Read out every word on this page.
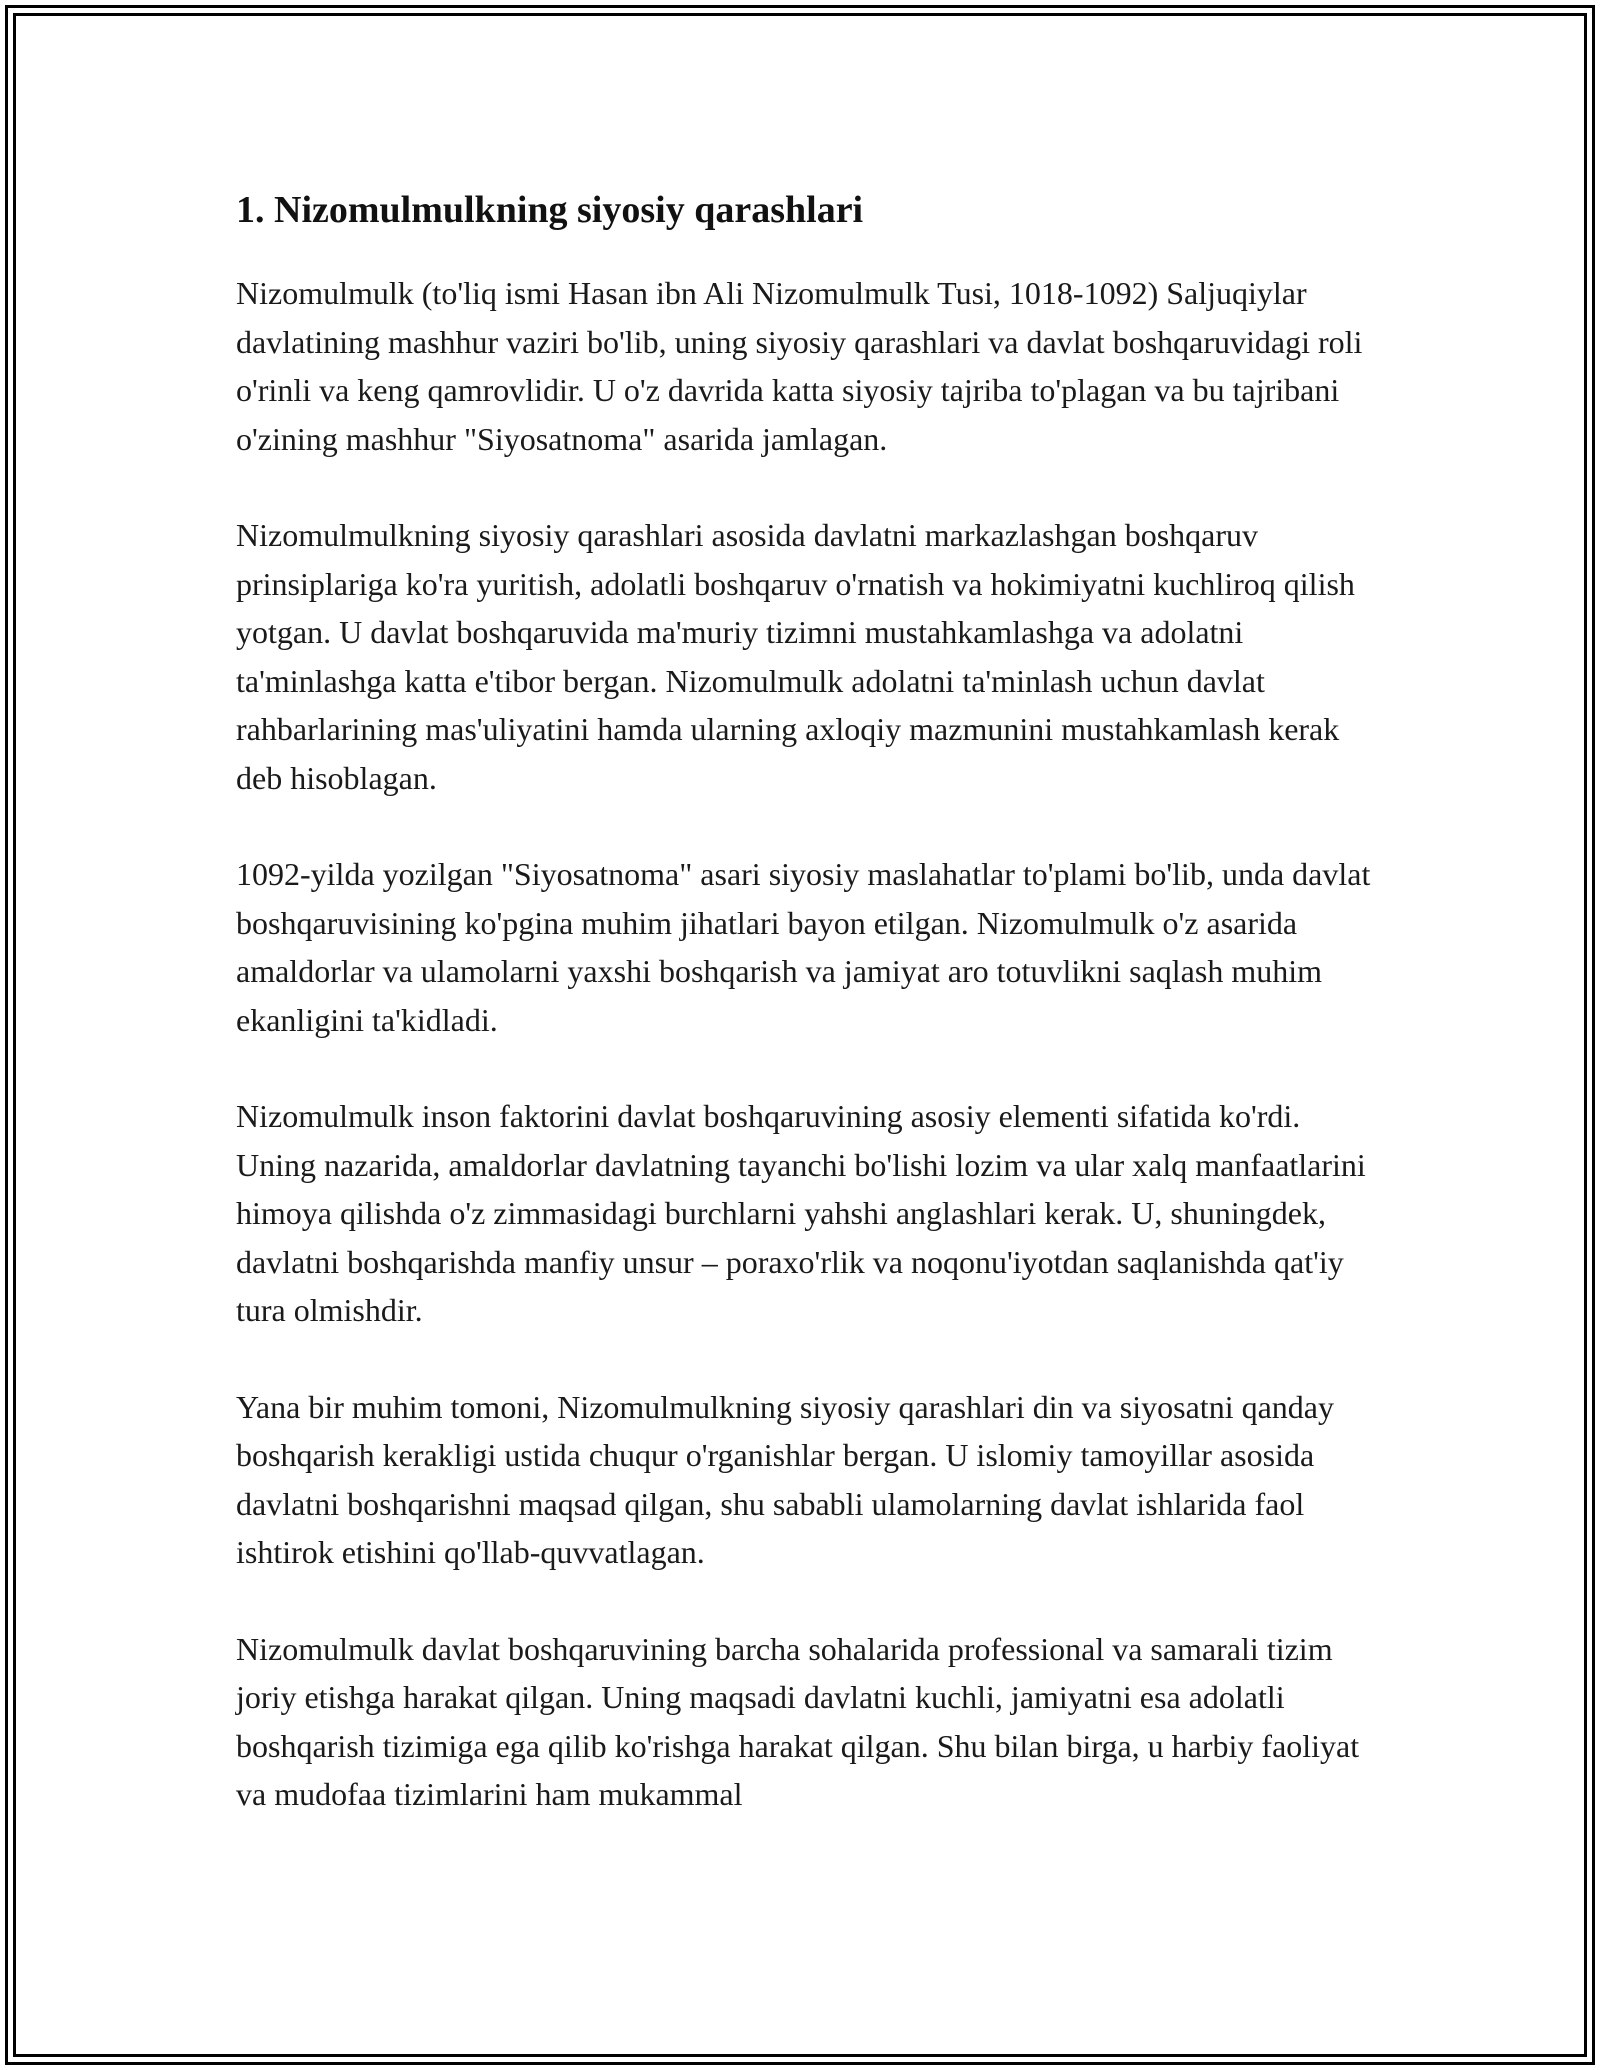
1. Nizomulmulkning siyosiy qarashlari

Nizomulmulk (to'liq ismi Hasan ibn Ali Nizomulmulk Tusi, 1018-1092) Saljuqiylar davlatining mashhur vaziri bo'lib, uning siyosiy qarashlari va davlat boshqaruvidagi roli o'rinli va keng qamrovlidir. U o'z davrida katta siyosiy tajriba to'plagan va bu tajribani o'zining mashhur "Siyosatnoma" asarida jamlagan.

Nizomulmulkning siyosiy qarashlari asosida davlatni markazlashgan boshqaruv prinsiplariga ko'ra yuritish, adolatli boshqaruv o'rnatish va hokimiyatni kuchliroq qilish yotgan. U davlat boshqaruvida ma'muriy tizimni mustahkamlashga va adolatni ta'minlashga katta e'tibor bergan. Nizomulmulk adolatni ta'minlash uchun davlat rahbarlarining mas'uliyatini hamda ularning axloqiy mazmunini mustahkamlash kerak deb hisoblagan.

1092-yilda yozilgan "Siyosatnoma" asari siyosiy maslahatlar to'plami bo'lib, unda davlat boshqaruvisining ko'pgina muhim jihatlari bayon etilgan. Nizomulmulk o'z asarida amaldorlar va ulamolarni yaxshi boshqarish va jamiyat aro totuvlikni saqlash muhim ekanligini ta'kidladi.

Nizomulmulk inson faktorini davlat boshqaruvining asosiy elementi sifatida ko'rdi. Uning nazarida, amaldorlar davlatning tayanchi bo'lishi lozim va ular xalq manfaatlarini himoya qilishda o'z zimmasidagi burchlarni yahshi anglashlari kerak. U, shuningdek, davlatni boshqarishda manfiy unsur – poraxo'rlik va noqonu'iyotdan saqlanishda qat'iy tura olmishdir.

Yana bir muhim tomoni, Nizomulmulkning siyosiy qarashlari din va siyosatni qanday boshqarish kerakligi ustida chuqur o'rganishlar bergan. U islomiy tamoyillar asosida davlatni boshqarishni maqsad qilgan, shu sababli ulamolarning davlat ishlarida faol ishtirok etishini qo'llab-quvvatlagan.

Nizomulmulk davlat boshqaruvining barcha sohalarida professional va samarali tizim joriy etishga harakat qilgan. Uning maqsadi davlatni kuchli, jamiyatni esa adolatli boshqarish tizimiga ega qilib ko'rishga harakat qilgan. Shu bilan birga, u harbiy faoliyat va mudofaa tizimlarini ham mukammal
